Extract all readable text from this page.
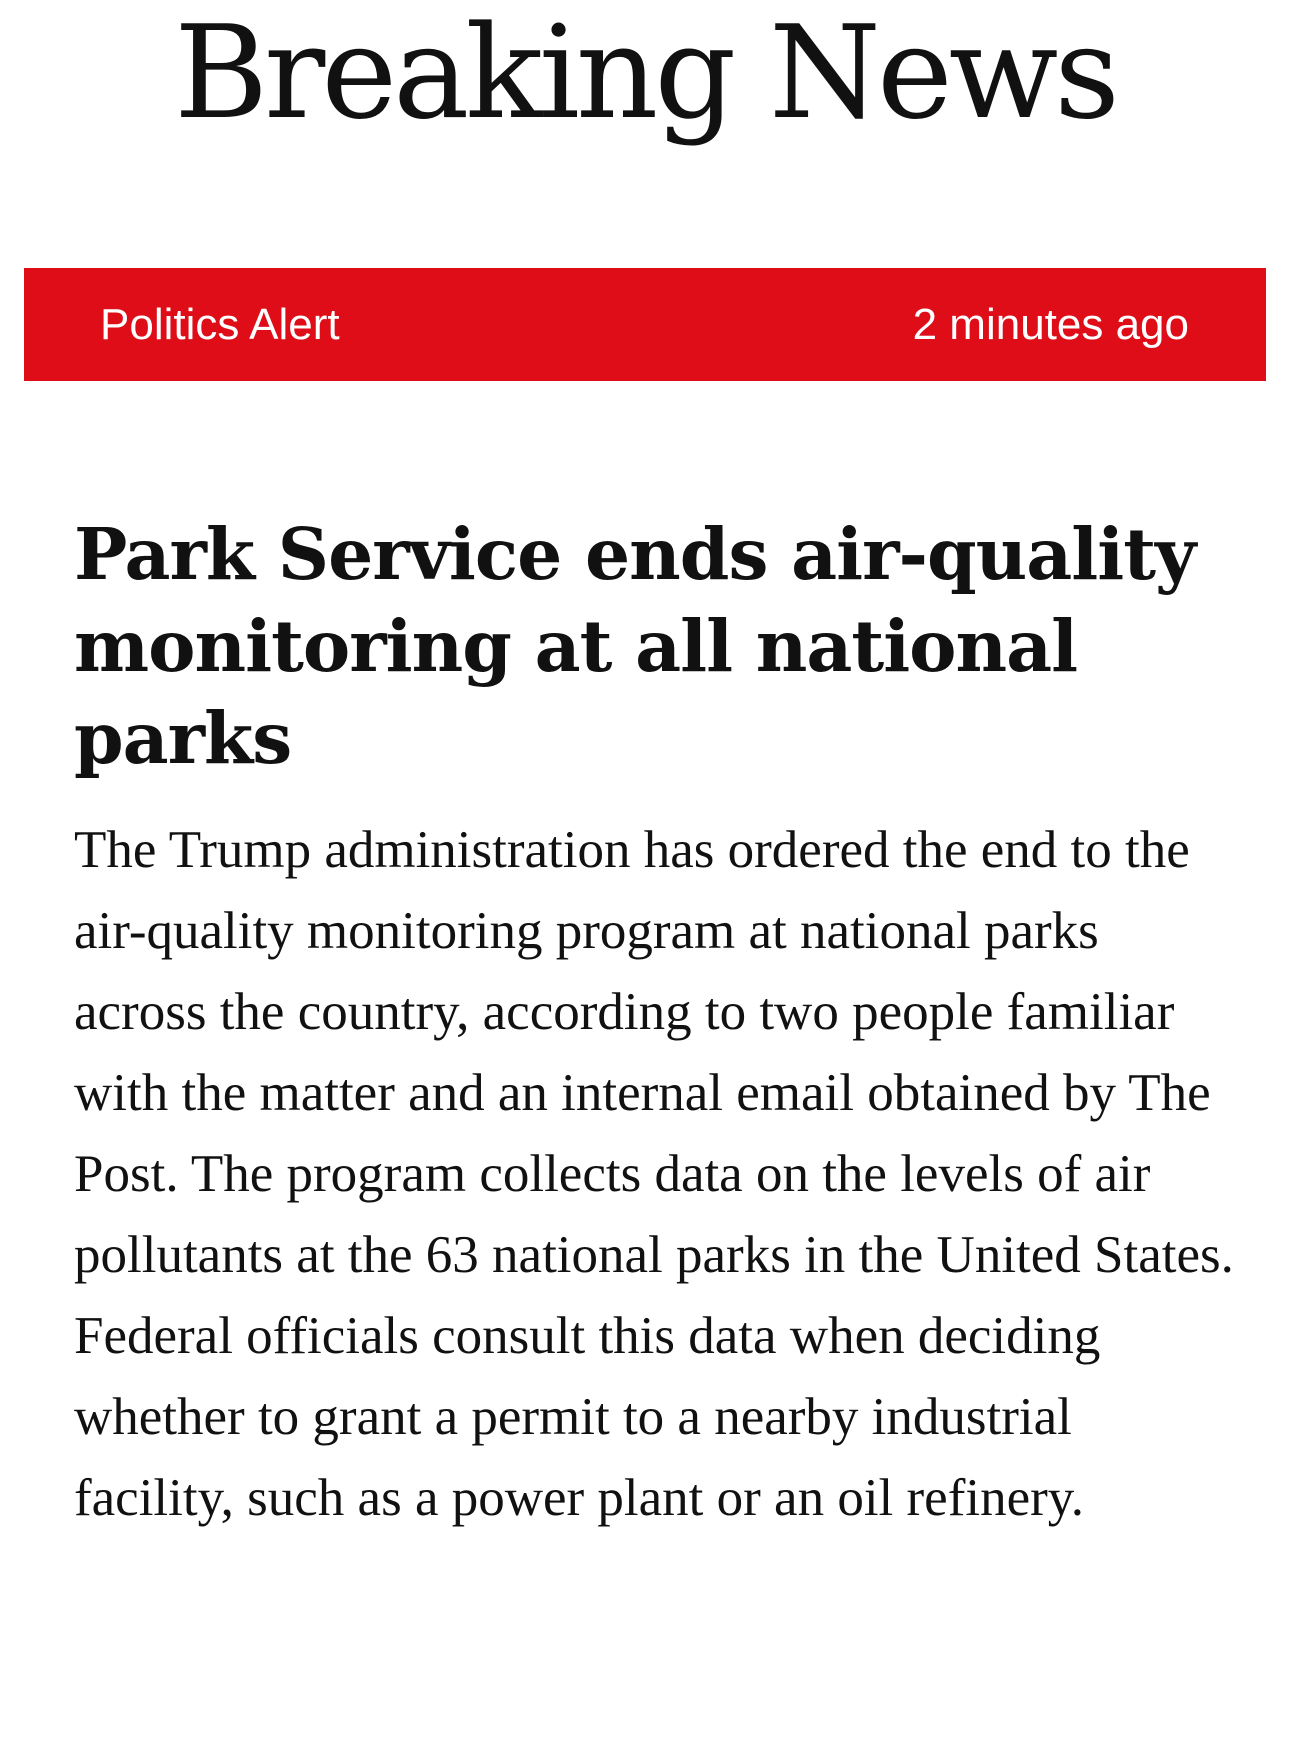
Breaking News
Politics Alert	2 minutes ago
Park Service ends air-quality monitoring at all national parks

The Trump administration has ordered the end to the air-quality monitoring program at national parks across the country, according to two people familiar with the matter and an internal email obtained by The Post. The program collects data on the levels of air pollutants at the 63 national parks in the United States. Federal officials consult this data when deciding whether to grant a permit to a nearby industrial facility, such as a power plant or an oil refinery.
